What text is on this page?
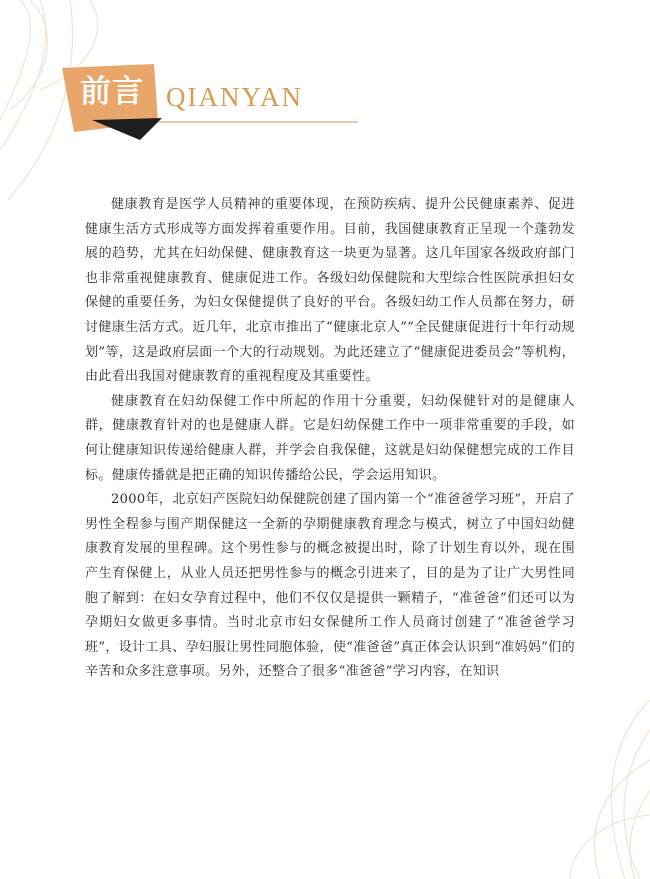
前言 QIANYAN

健康教育是医学人员精神的重要体现，在预防疾病、提升公民健康素养、促进健康生活方式形成等方面发挥着重要作用。目前，我国健康教育正呈现一个蓬勃发展的趋势，尤其在妇幼保健、健康教育这一块更为显著。这几年国家各级政府部门也非常重视健康教育、健康促进工作。各级妇幼保健院和大型综合性医院承担妇女保健的重要任务，为妇女保健提供了良好的平台。各级妇幼工作人员都在努力，研讨健康生活方式。近几年，北京市推出了“健康北京人”“全民健康促进行十年行动规划”等，这是政府层面一个大的行动规划。为此还建立了“健康促进委员会”等机构，由此看出我国对健康教育的重视程度及其重要性。

健康教育在妇幼保健工作中所起的作用十分重要，妇幼保健针对的是健康人群，健康教育针对的也是健康人群。它是妇幼保健工作中一项非常重要的手段，如何让健康知识传递给健康人群，并学会自我保健，这就是妇幼保健想完成的工作目标。健康传播就是把正确的知识传播给公民，学会运用知识。

2000年，北京妇产医院妇幼保健院创建了国内第一个“准爸爸学习班”，开启了男性全程参与围产期保健这一全新的孕期健康教育理念与模式，树立了中国妇幼健康教育发展的里程碑。这个男性参与的概念被提出时，除了计划生育以外，现在围产生育保健上，从业人员还把男性参与的概念引进来了，目的是为了让广大男性同胞了解到：在妇女孕育过程中，他们不仅仅是提供一颗精子，“准爸爸”们还可以为孕期妇女做更多事情。当时北京市妇女保健所工作人员商讨创建了“准爸爸学习班”，设计工具、孕妇服让男性同胞体验，使“准爸爸”真正体会认识到“准妈妈”们的辛苦和众多注意事项。另外，还整合了很多“准爸爸”学习内容，在知识
